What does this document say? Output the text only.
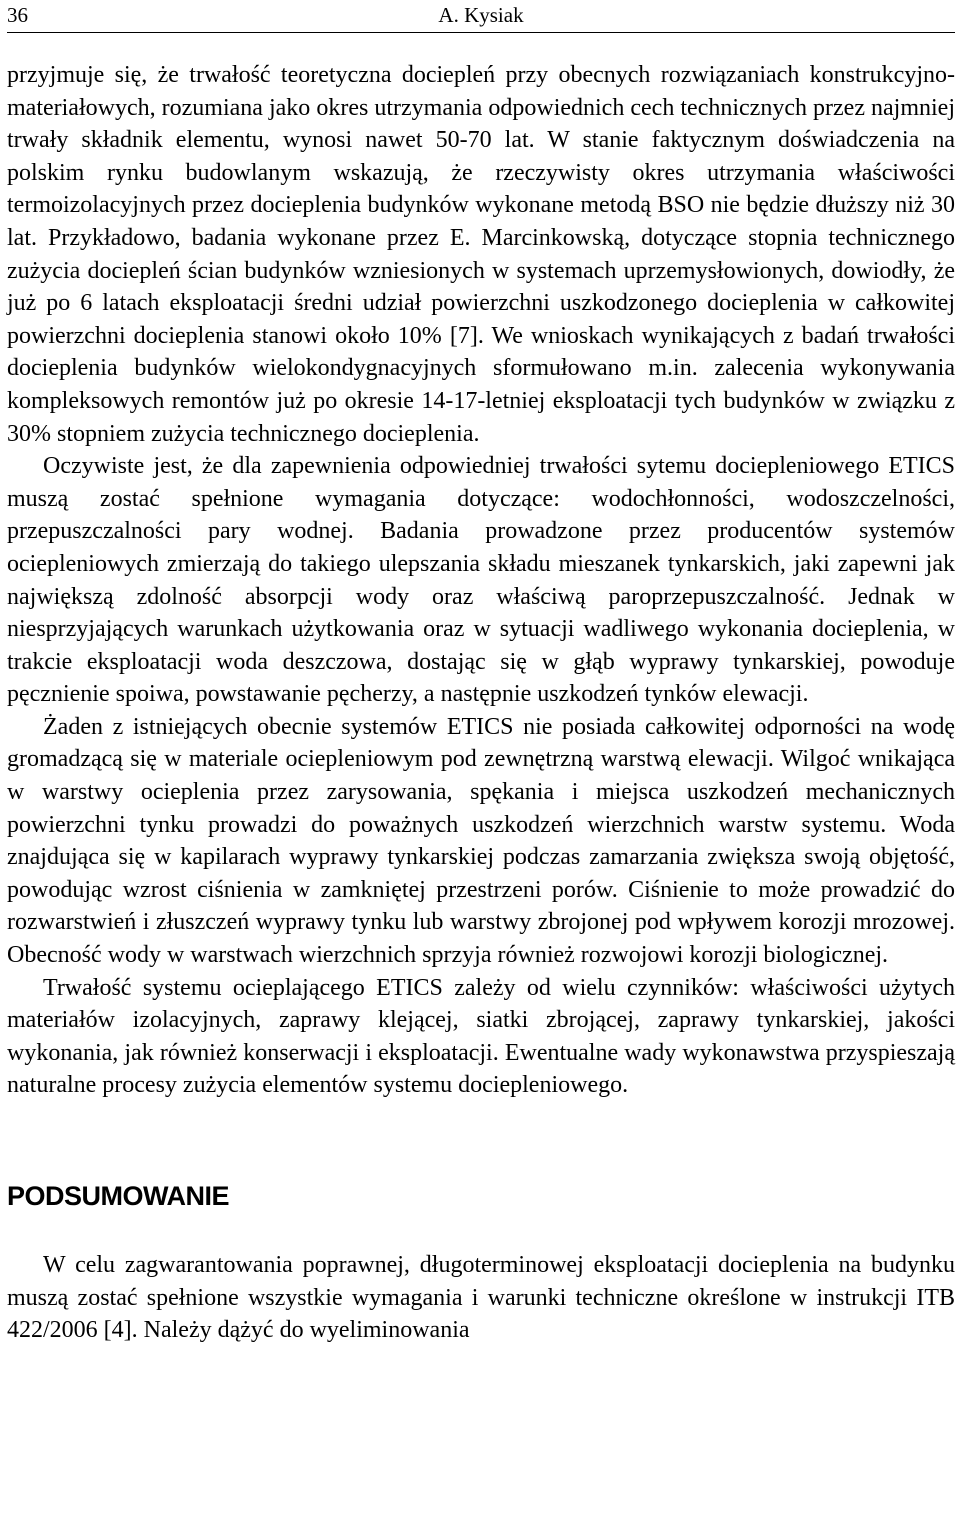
36	A. Kysiak

przyjmuje się, że trwałość teoretyczna dociepleń przy obecnych rozwiązaniach konstrukcyjno-materiałowych, rozumiana jako okres utrzymania odpowiednich cech technicznych przez najmniej trwały składnik elementu, wynosi nawet 50-70 lat. W stanie faktycznym doświadczenia na polskim rynku budowlanym wskazują, że rzeczywisty okres utrzymania właściwości termoizolacyjnych przez docieplenia budynków wykonane metodą BSO nie będzie dłuższy niż 30 lat. Przykładowo, badania wykonane przez E. Marcinkowską, dotyczące stopnia technicznego zużycia dociepleń ścian budynków wzniesionych w systemach uprzemysłowionych, dowiodły, że już po 6 latach eksploatacji średni udział powierzchni uszkodzonego docieplenia w całkowitej powierzchni docieplenia stanowi około 10% [7]. We wnioskach wynikających z badań trwałości docieplenia budynków wielokondygnacyjnych sformułowano m.in. zalecenia wykonywania kompleksowych remontów już po okresie 14-17-letniej eksploatacji tych budynków w związku z 30% stopniem zużycia technicznego docieplenia.

Oczywiste jest, że dla zapewnienia odpowiedniej trwałości sytemu dociepleniowego ETICS muszą zostać spełnione wymagania dotyczące: wodochłonności, wodoszczelności, przepuszczalności pary wodnej. Badania prowadzone przez producentów systemów ociepleniowych zmierzają do takiego ulepszania składu mieszanek tynkarskich, jaki zapewni jak największą zdolność absorpcji wody oraz właściwą paroprzepuszczalność. Jednak w niesprzyjających warunkach użytkowania oraz w sytuacji wadliwego wykonania docieplenia, w trakcie eksploatacji woda deszczowa, dostając się w głąb wyprawy tynkarskiej, powoduje pęcznienie spoiwa, powstawanie pęcherzy, a następnie uszkodzeń tynków elewacji.

Żaden z istniejących obecnie systemów ETICS nie posiada całkowitej odporności na wodę gromadzącą się w materiale ociepleniowym pod zewnętrzną warstwą elewacji. Wilgoć wnikająca w warstwy ocieplenia przez zarysowania, spękania i miejsca uszkodzeń mechanicznych powierzchni tynku prowadzi do poważnych uszkodzeń wierzchnich warstw systemu. Woda znajdująca się w kapilarach wyprawy tynkarskiej podczas zamarzania zwiększa swoją objętość, powodując wzrost ciśnienia w zamkniętej przestrzeni porów. Ciśnienie to może prowadzić do rozwarstwień i złuszczeń wyprawy tynku lub warstwy zbrojonej pod wpływem korozji mrozowej. Obecność wody w warstwach wierzchnich sprzyja również rozwojowi korozji biologicznej.

Trwałość systemu ocieplającego ETICS zależy od wielu czynników: właściwości użytych materiałów izolacyjnych, zaprawy klejącej, siatki zbrojącej, zaprawy tynkarskiej, jakości wykonania, jak również konserwacji i eksploatacji. Ewentualne wady wykonawstwa przyspieszają naturalne procesy zużycia elementów systemu dociepleniowego.

PODSUMOWANIE

W celu zagwarantowania poprawnej, długoterminowej eksploatacji docieplenia na budynku muszą zostać spełnione wszystkie wymagania i warunki techniczne określone w instrukcji ITB 422/2006 [4]. Należy dążyć do wyeliminowania
